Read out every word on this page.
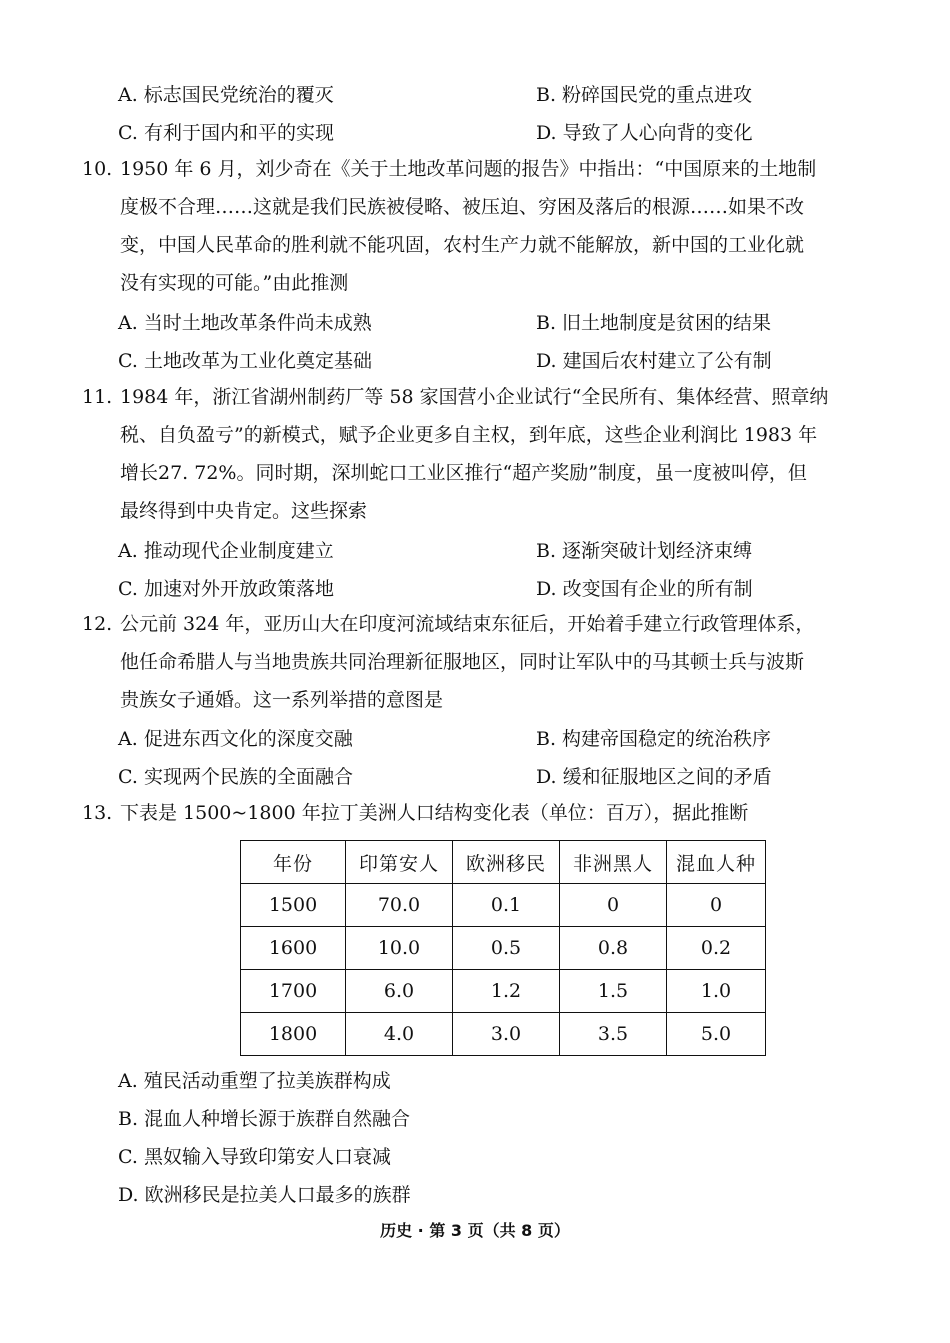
A. 标志国民党统治的覆灭	B. 粉碎国民党的重点进攻
C. 有利于国内和平的实现	D. 导致了人心向背的变化
10. 1950 年 6 月，刘少奇在《关于土地改革问题的报告》中指出：“中国原来的土地制
度极不合理……这就是我们民族被侵略、被压迫、穷困及落后的根源……如果不改
变，中国人民革命的胜利就不能巩固，农村生产力就不能解放，新中国的工业化就
没有实现的可能。”由此推测
A. 当时土地改革条件尚未成熟	B. 旧土地制度是贫困的结果
C. 土地改革为工业化奠定基础	D. 建国后农村建立了公有制
11. 1984 年，浙江省湖州制药厂等 58 家国营小企业试行“全民所有、集体经营、照章纳
税、自负盈亏”的新模式，赋予企业更多自主权，到年底，这些企业利润比 1983 年
增长27. 72%。同时期，深圳蛇口工业区推行“超产奖励”制度，虽一度被叫停，但
最终得到中央肯定。这些探索
A. 推动现代企业制度建立	B. 逐渐突破计划经济束缚
C. 加速对外开放政策落地	D. 改变国有企业的所有制
12. 公元前 324 年，亚历山大在印度河流域结束东征后，开始着手建立行政管理体系，
他任命希腊人与当地贵族共同治理新征服地区，同时让军队中的马其顿士兵与波斯
贵族女子通婚。这一系列举措的意图是
A. 促进东西文化的深度交融	B. 构建帝国稳定的统治秩序
C. 实现两个民族的全面融合	D. 缓和征服地区之间的矛盾
13. 下表是 1500~1800 年拉丁美洲人口结构变化表（单位：百万），据此推断
年份	印第安人	欧洲移民	非洲黑人	混血人种
1500	70.0	0.1	0	0
1600	10.0	0.5	0.8	0.2
1700	6.0	1.2	1.5	1.0
1800	4.0	3.0	3.5	5.0
A. 殖民活动重塑了拉美族群构成
B. 混血人种增长源于族群自然融合
C. 黑奴输入导致印第安人口衰减
D. 欧洲移民是拉美人口最多的族群
历史 · 第 3 页（共 8 页）
